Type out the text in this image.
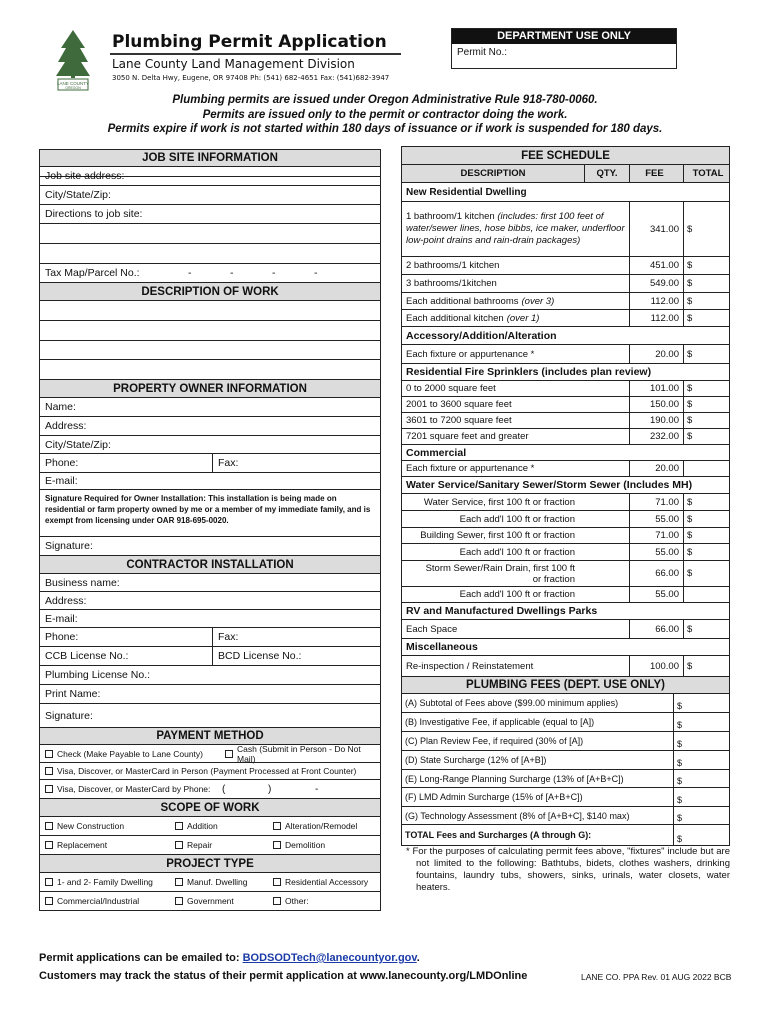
LANE COUNTY
OREGON
Plumbing Permit Application
Lane County Land Management Division
3050 N. Delta Hwy, Eugene, OR 97408 Ph: (541) 682-4651 Fax: (541)682-3947
DEPARTMENT USE ONLY
Permit No.:
Plumbing permits are issued under Oregon Administrative Rule 918-780-0060.
Permits are issued only to the permit or contractor doing the work.
Permits expire if work is not started within 180 days of issuance or if work is suspended for 180 days.
JOB SITE INFORMATION
Job site address:
City/State/Zip:
Directions to job site:
Tax Map/Parcel No.:	-	-	-	-
DESCRIPTION OF WORK
PROPERTY OWNER INFORMATION
Name:
Address:
City/State/Zip:
Phone:	Fax:
E-mail:
Signature Required for Owner Installation: This installation is being made on residential or farm property owned by me or a member of my immediate family, and is exempt from licensing under OAR 918-695-0020.
Signature:
CONTRACTOR INSTALLATION
Business name:
Address:
E-mail:
Phone:	Fax:
CCB License No.:	BCD License No.:
Plumbing License No.:
Print Name:
Signature:
PAYMENT METHOD
Check (Make Payable to Lane County)	Cash (Submit in Person - Do Not Mail)
Visa, Discover, or MasterCard in Person (Payment Processed at Front Counter)
Visa, Discover, or MasterCard by Phone: (	)	-
SCOPE OF WORK
New Construction	Addition	Alteration/Remodel
Replacement	Repair	Demolition
PROJECT TYPE
1- and 2- Family Dwelling	Manuf. Dwelling	Residential Accessory
Commercial/Industrial	Government	Other:
FEE SCHEDULE
DESCRIPTION	QTY.	FEE	TOTAL
New Residential Dwelling
1 bathroom/1 kitchen (includes: first 100 feet of water/sewer lines, hose bibbs, ice maker, underfloor low-point drains and rain-drain packages)
341.00 $
2 bathrooms/1 kitchen	451.00 $
3 bathrooms/1kitchen	549.00 $
Each additional bathrooms (over 3)	112.00 $
Each additional kitchen (over 1)	112.00 $
Accessory/Addition/Alteration
Each fixture or appurtenance *	20.00 $
Residential Fire Sprinklers (includes plan review)
0 to 2000 square feet	101.00 $
2001 to 3600 square feet	150.00 $
3601 to 7200 square feet	190.00 $
7201 square feet and greater	232.00 $
Commercial
Each fixture or appurtenance *	20.00
Water Service/Sanitary Sewer/Storm Sewer (Includes MH)
Water Service, first 100 ft or fraction	71.00 $
Each add'l 100 ft or fraction	55.00 $
Building Sewer, first 100 ft or fraction	71.00 $
Each add'l 100 ft or fraction	55.00 $
Storm Sewer/Rain Drain, first 100 ft
or fraction	66.00 $
Each add'l 100 ft or fraction	55.00
RV and Manufactured Dwellings Parks
Each Space	66.00 $
Miscellaneous
Re-inspection / Reinstatement	100.00 $
PLUMBING FEES (DEPT. USE ONLY)
(A) Subtotal of Fees above ($99.00 minimum applies)	$
(B) Investigative Fee, if applicable (equal to [A])	$
(C) Plan Review Fee, if required (30% of [A])	$
(D) State Surcharge (12% of [A+B])	$
(E) Long-Range Planning Surcharge (13% of [A+B+C])	$
(F) LMD Admin Surcharge (15% of [A+B+C])	$
(G) Technology Assessment (8% of [A+B+C], $140 max)	$
TOTAL Fees and Surcharges (A through G):	$
* For the purposes of calculating permit fees above, "fixtures" include but are not limited to the following: Bathtubs, bidets, clothes washers, drinking fountains, laundry tubs, showers, sinks, urinals, water closets, water heaters.
Permit applications can be emailed to: BODSODTech@lanecountyor.gov.
Customers may track the status of their permit application at www.lanecounty.org/LMDOnline	LANE CO. PPA Rev. 01 AUG 2022 BCB
